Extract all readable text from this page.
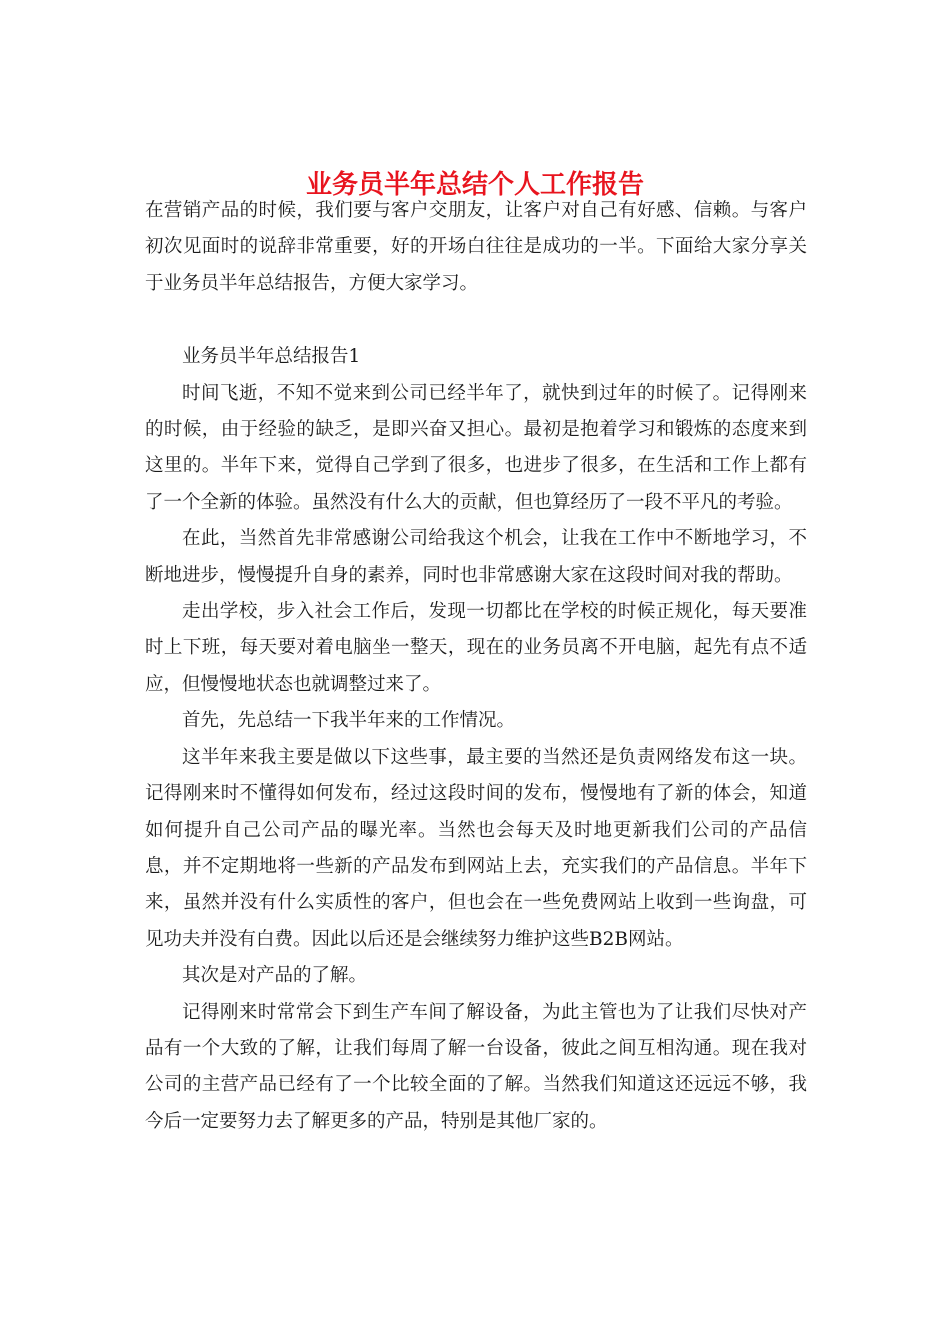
业务员半年总结个人工作报告

在营销产品的时候，我们要与客户交朋友，让客户对自己有好感、信赖。与客户初次见面时的说辞非常重要，好的开场白往往是成功的一半。下面给大家分享关于业务员半年总结报告，方便大家学习。

业务员半年总结报告1

时间飞逝，不知不觉来到公司已经半年了，就快到过年的时候了。记得刚来的时候，由于经验的缺乏，是即兴奋又担心。最初是抱着学习和锻炼的态度来到这里的。半年下来，觉得自己学到了很多，也进步了很多，在生活和工作上都有了一个全新的体验。虽然没有什么大的贡献，但也算经历了一段不平凡的考验。

在此，当然首先非常感谢公司给我这个机会，让我在工作中不断地学习，不断地进步，慢慢提升自身的素养，同时也非常感谢大家在这段时间对我的帮助。

走出学校，步入社会工作后，发现一切都比在学校的时候正规化，每天要准时上下班，每天要对着电脑坐一整天，现在的业务员离不开电脑，起先有点不适应，但慢慢地状态也就调整过来了。

首先，先总结一下我半年来的工作情况。

这半年来我主要是做以下这些事，最主要的当然还是负责网络发布这一块。记得刚来时不懂得如何发布，经过这段时间的发布，慢慢地有了新的体会，知道如何提升自己公司产品的曝光率。当然也会每天及时地更新我们公司的产品信息，并不定期地将一些新的产品发布到网站上去，充实我们的产品信息。半年下来，虽然并没有什么实质性的客户，但也会在一些免费网站上收到一些询盘，可见功夫并没有白费。因此以后还是会继续努力维护这些B2B网站。

其次是对产品的了解。

记得刚来时常常会下到生产车间了解设备，为此主管也为了让我们尽快对产品有一个大致的了解，让我们每周了解一台设备，彼此之间互相沟通。现在我对公司的主营产品已经有了一个比较全面的了解。当然我们知道这还远远不够，我今后一定要努力去了解更多的产品，特别是其他厂家的。
